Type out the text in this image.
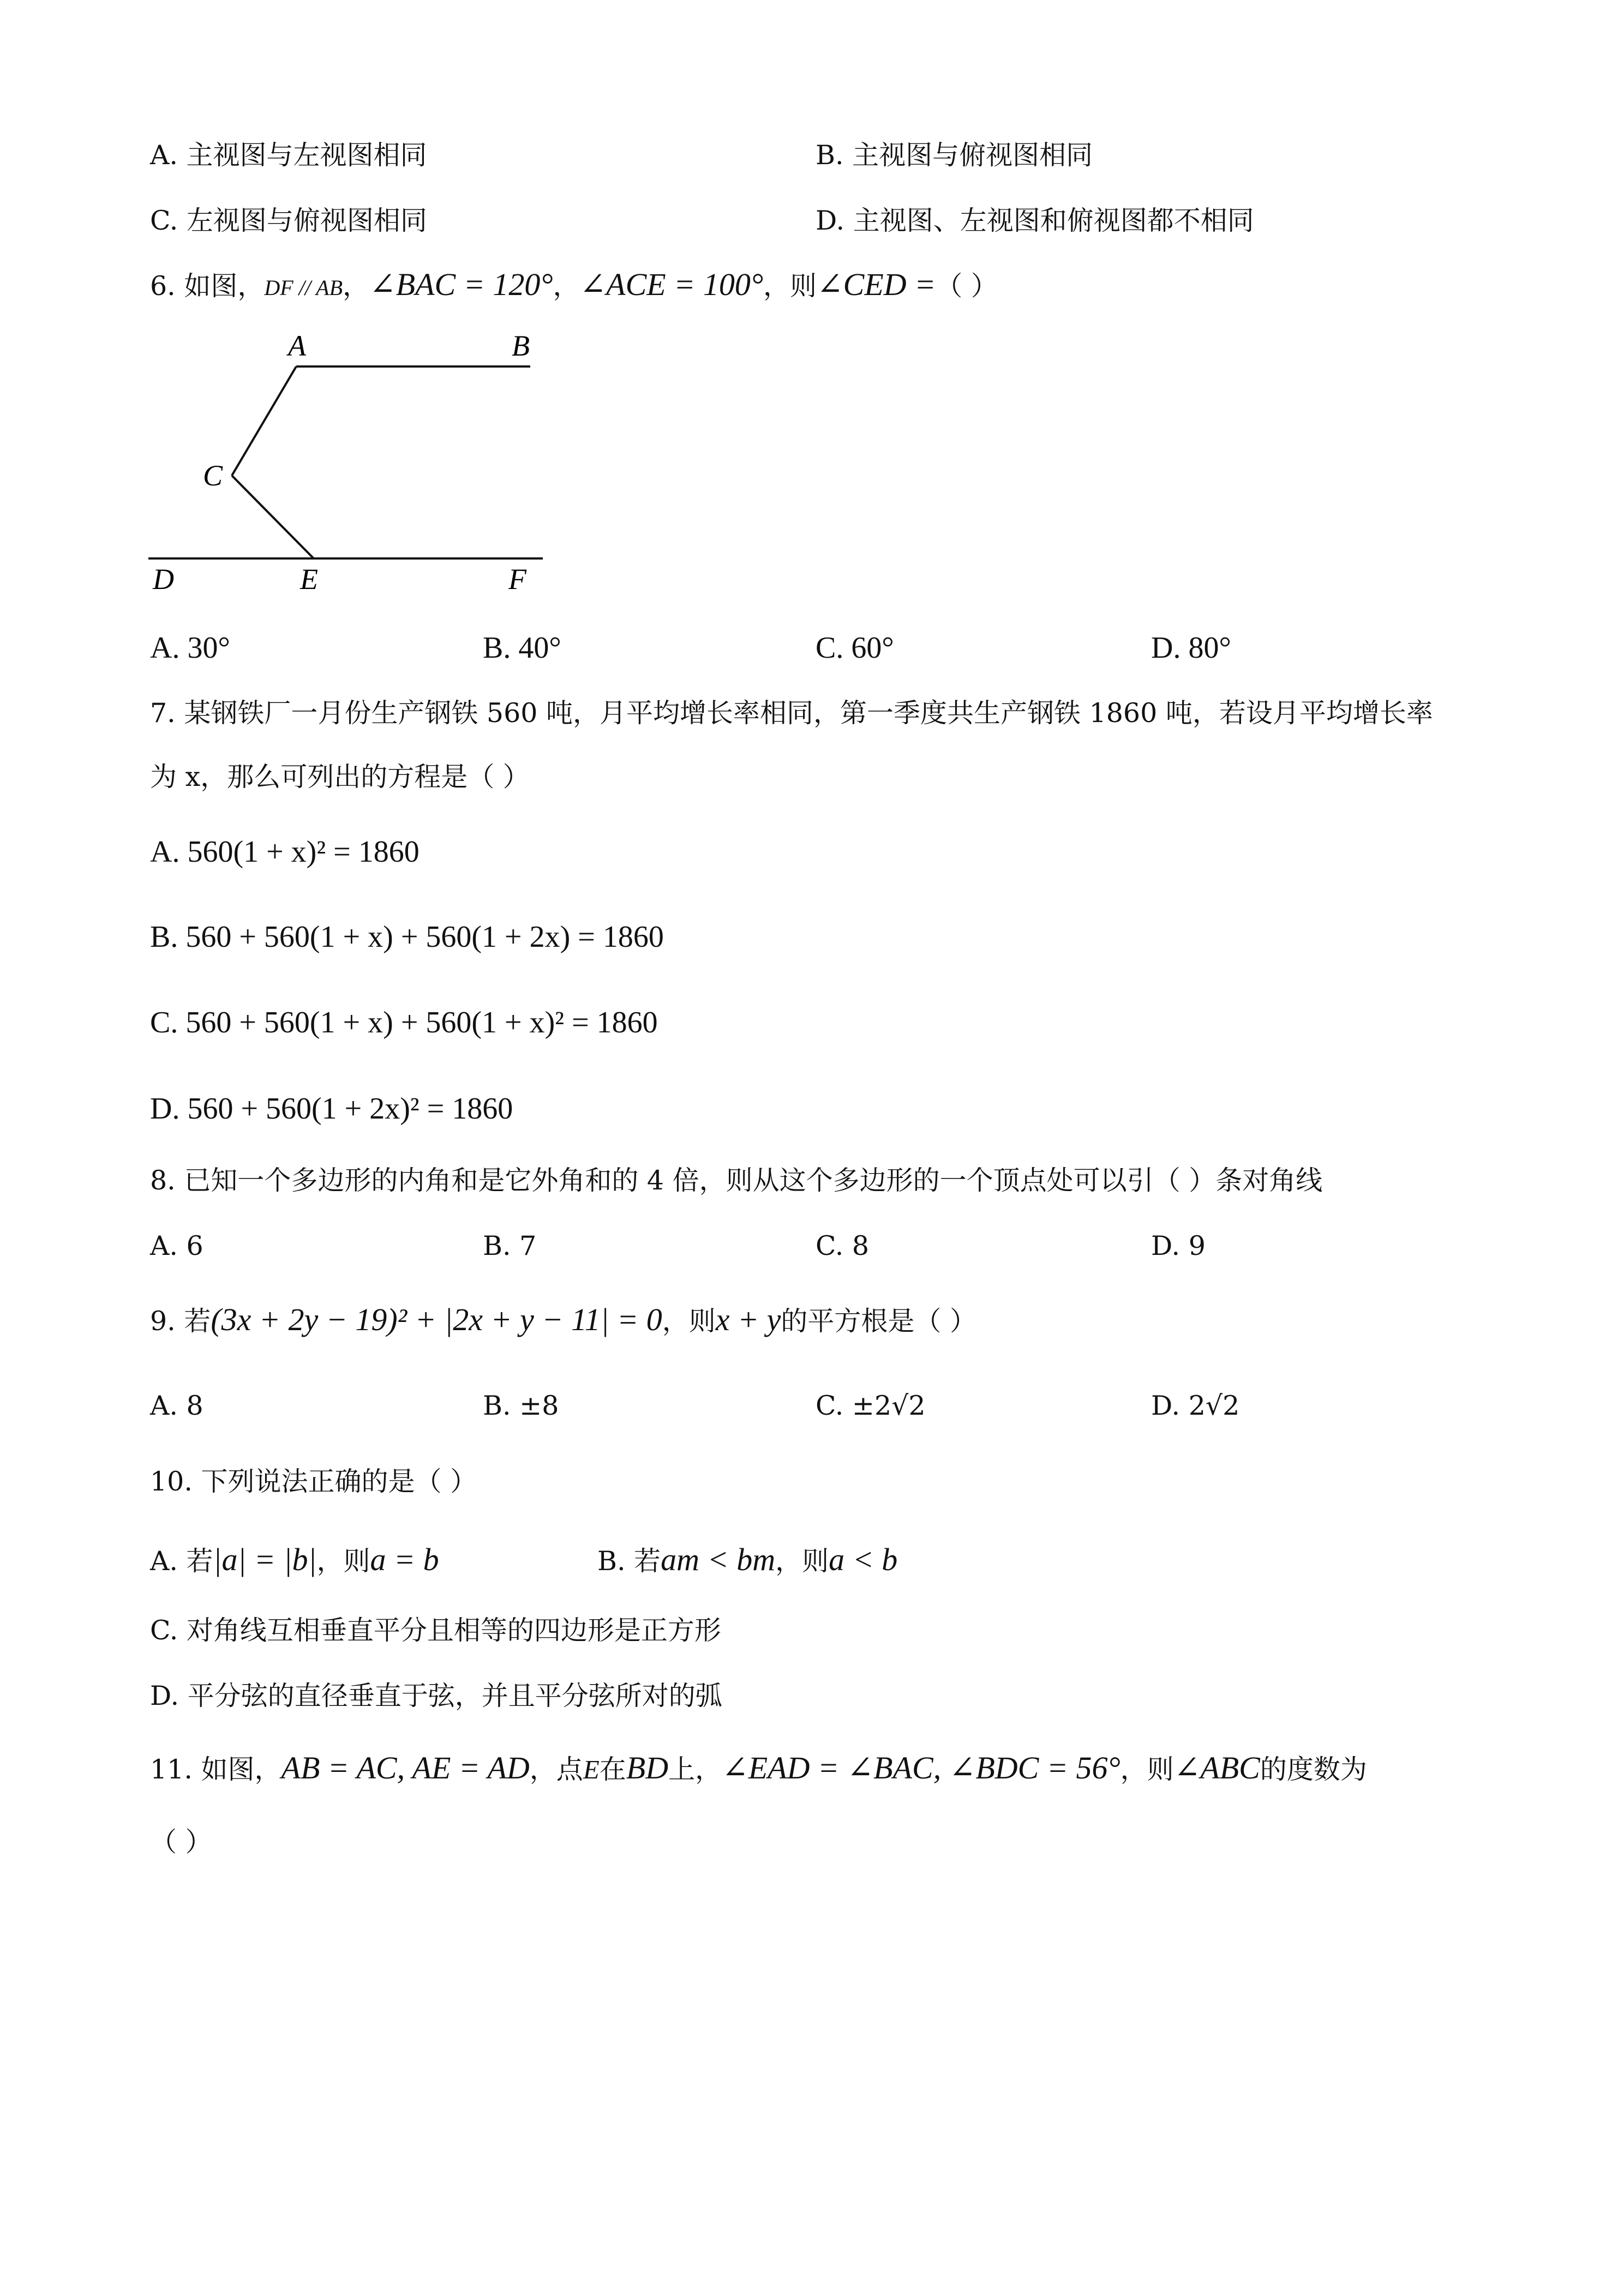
A. 主视图与左视图相同	B. 主视图与俯视图相同
C. 左视图与俯视图相同	D. 主视图、左视图和俯视图都不相同
6. 如图，DF // AB，∠BAC = 120°，∠ACE = 100°，则∠CED =（ ）
A	B
C
D	E	F
A. 30°	B. 40°	C. 60°	D. 80°
7. 某钢铁厂一月份生产钢铁 560 吨，月平均增长率相同，第一季度共生产钢铁 1860 吨，若设月平均增长率
为 x，那么可列出的方程是（ ）
A. 560(1 + x)² = 1860
B. 560 + 560(1 + x) + 560(1 + 2x) = 1860
C. 560 + 560(1 + x) + 560(1 + x)² = 1860
D. 560 + 560(1 + 2x)² = 1860
8. 已知一个多边形的内角和是它外角和的 4 倍，则从这个多边形的一个顶点处可以引（ ）条对角线
A. 6	B. 7	C. 8	D. 9
9. 若(3x + 2y − 19)² + |2x + y − 11| = 0，则x + y的平方根是（ ）
A. 8	B. ±8	C. ±2√2	D. 2√2
10. 下列说法正确的是（ ）
A. 若|a| = |b|，则a = b	B. 若am < bm，则a < b
C. 对角线互相垂直平分且相等的四边形是正方形
D. 平分弦的直径垂直于弦，并且平分弦所对的弧
11. 如图，AB = AC, AE = AD，点E在BD上，∠EAD = ∠BAC, ∠BDC = 56°，则∠ABC的度数为
（ ）
